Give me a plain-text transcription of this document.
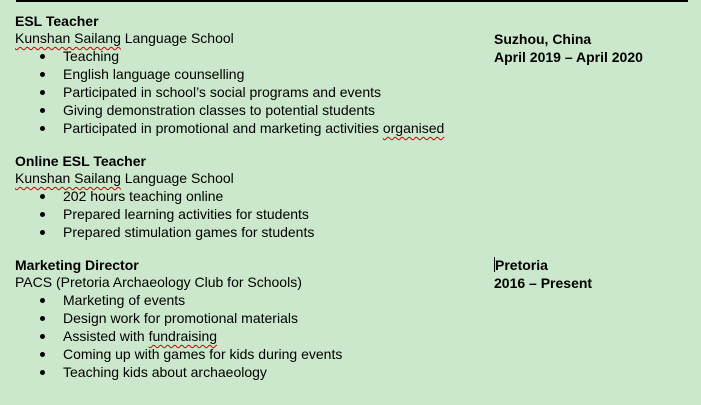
ESL Teacher
Kunshan Sailang Language School
Teaching
English language counselling
Participated in school’s social programs and events
Giving demonstration classes to potential students
Participated in promotional and marketing activities organised
Suzhou, China
April 2019 – April 2020
Online ESL Teacher
Kunshan Sailang Language School
202 hours teaching online
Prepared learning activities for students
Prepared stimulation games for students
Marketing Director
PACS (Pretoria Archaeology Club for Schools)
Marketing of events
Design work for promotional materials
Assisted with fundraising
Coming up with games for kids during events
Teaching kids about archaeology
Pretoria
2016 – Present
